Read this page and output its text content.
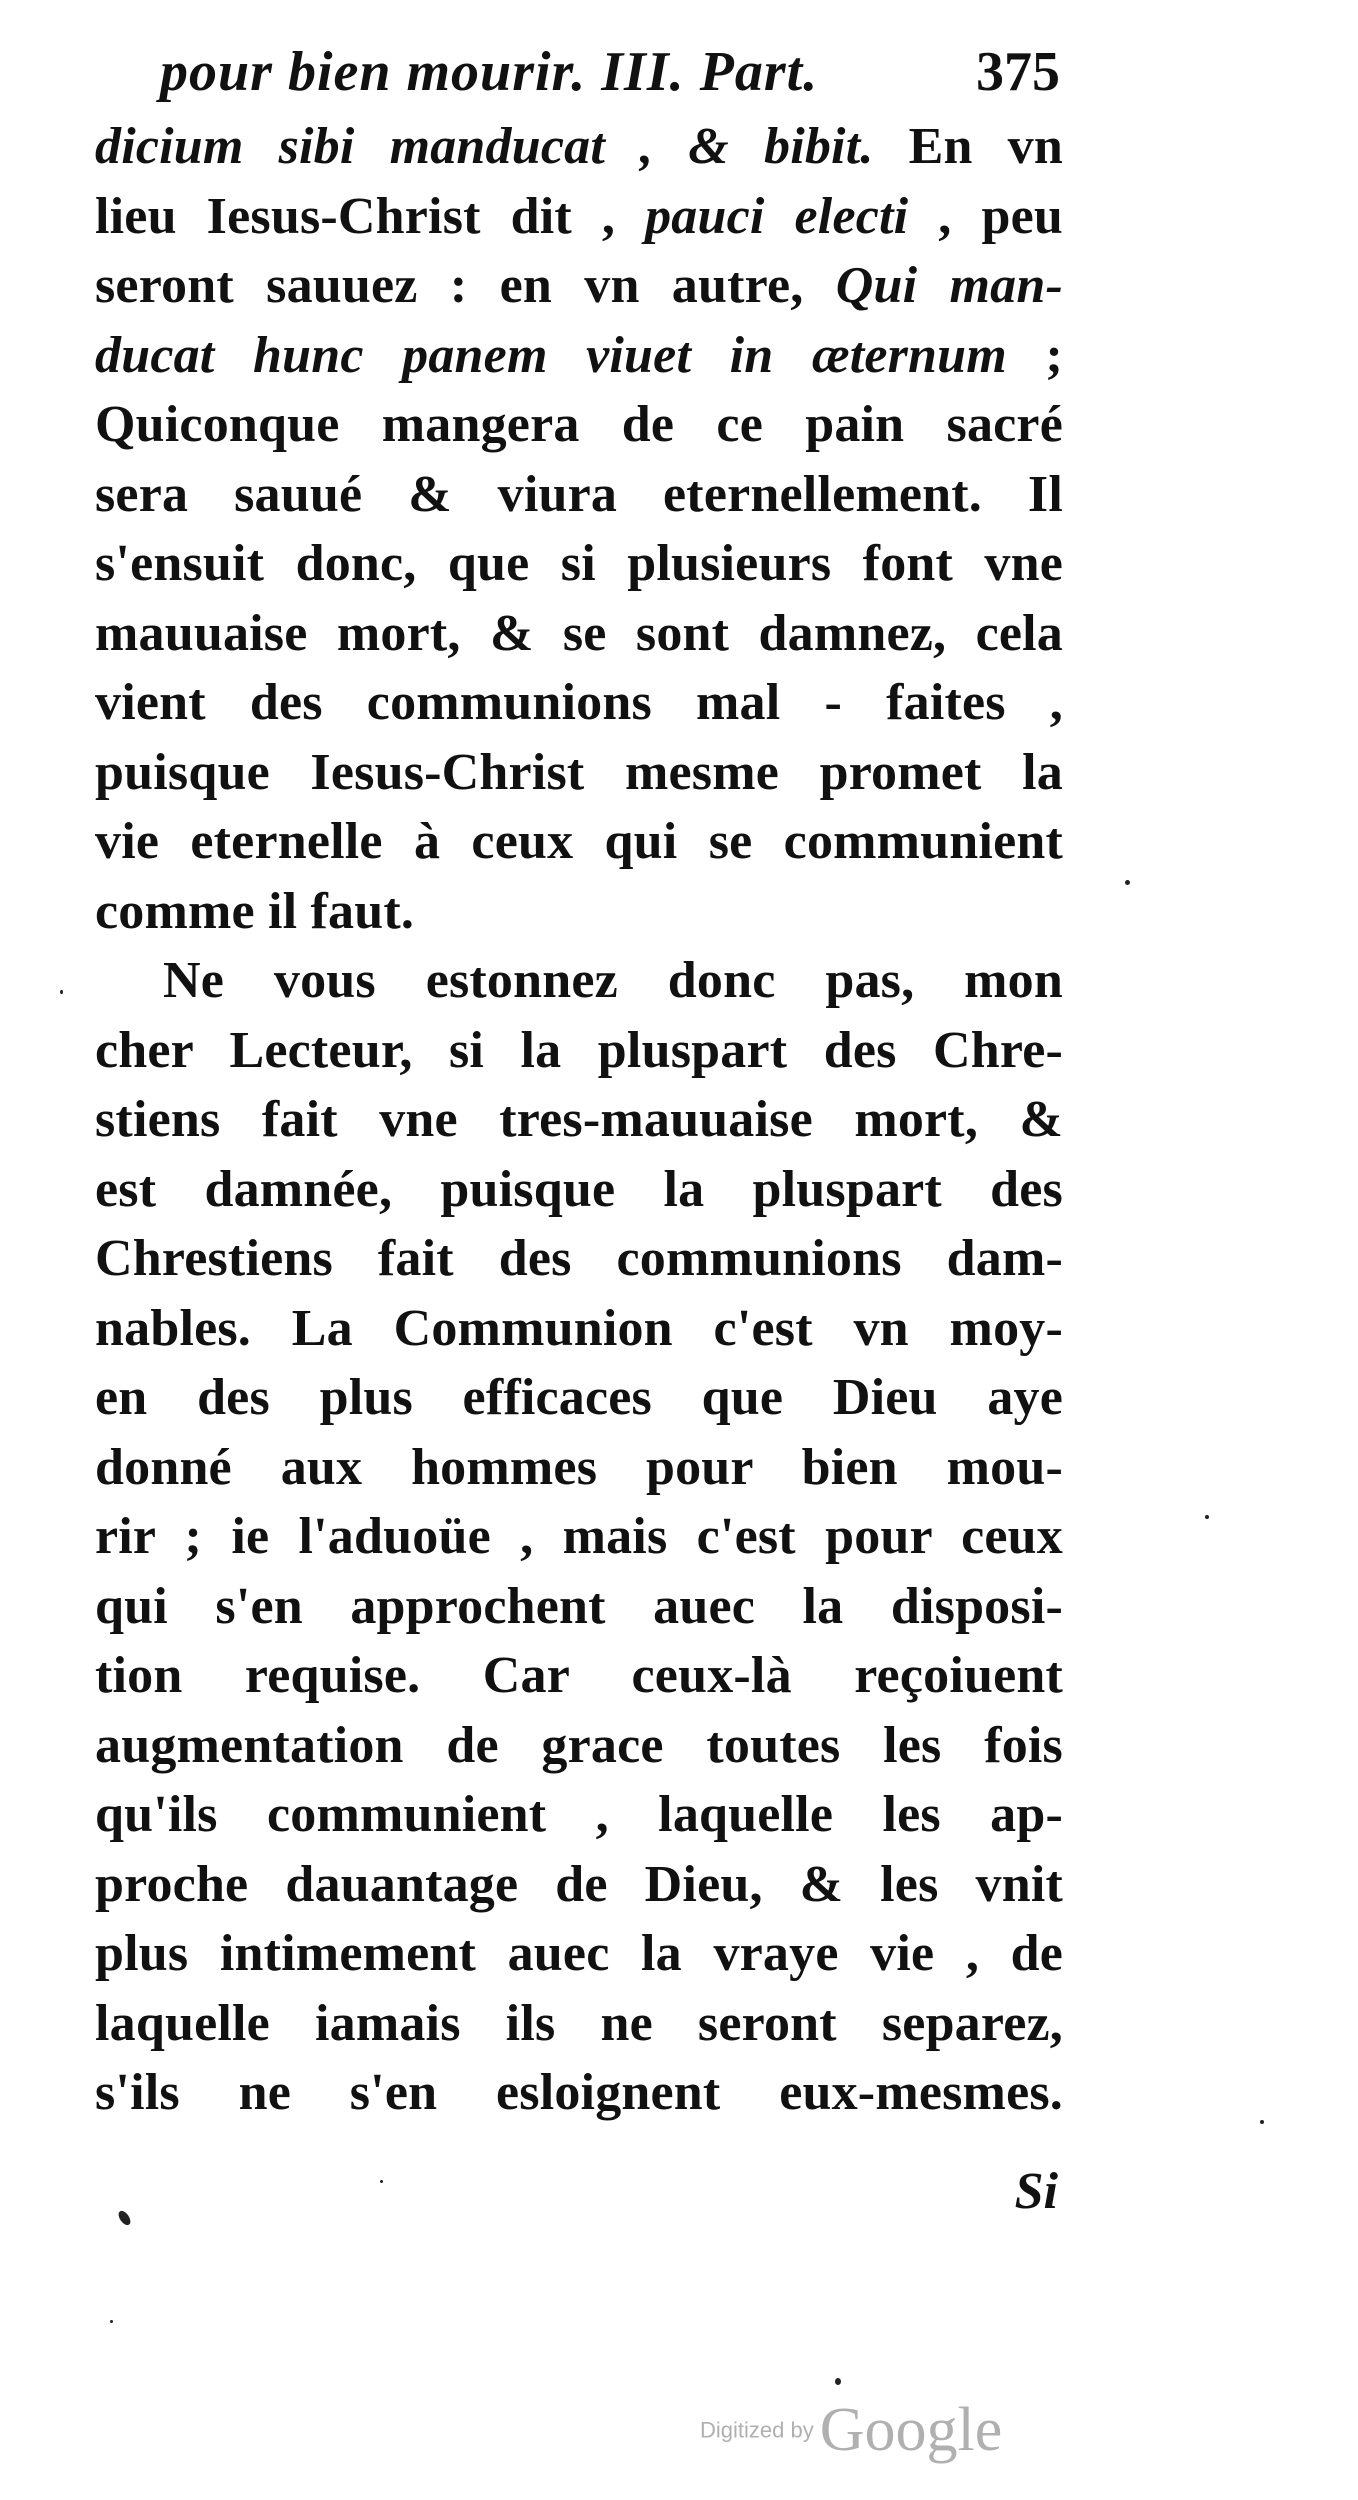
pour bien mourir. III. Part.	375
dicium sibi manducat , & bibit. En vn
lieu Iesus-Christ dit , pauci electi , peu
seront sauuez : en vn autre, Qui man-
ducat hunc panem viuet in æternum ;
Quiconque mangera de ce pain sacré
sera sauué & viura eternellement. Il
s'ensuit donc, que si plusieurs font vne
mauuaise mort, & se sont damnez, cela
vient des communions mal - faites ,
puisque Iesus-Christ mesme promet la
vie eternelle à ceux qui se communient
comme il faut.
Ne vous estonnez donc pas, mon
cher Lecteur, si la pluspart des Chre-
stiens fait vne tres-mauuaise mort, &
est damnée, puisque la pluspart des
Chrestiens fait des communions dam-
nables. La Communion c'est vn moy-
en des plus efficaces que Dieu aye
donné aux hommes pour bien mou-
rir ; ie l'aduoüe , mais c'est pour ceux
qui s'en approchent auec la disposi-
tion requise. Car ceux-là reçoiuent
augmentation de grace toutes les fois
qu'ils communient , laquelle les ap-
proche dauantage de Dieu, & les vnit
plus intimement auec la vraye vie , de
laquelle iamais ils ne seront separez,
s'ils ne s'en esloignent eux-mesmes.
Si
Digitized byGoogle
